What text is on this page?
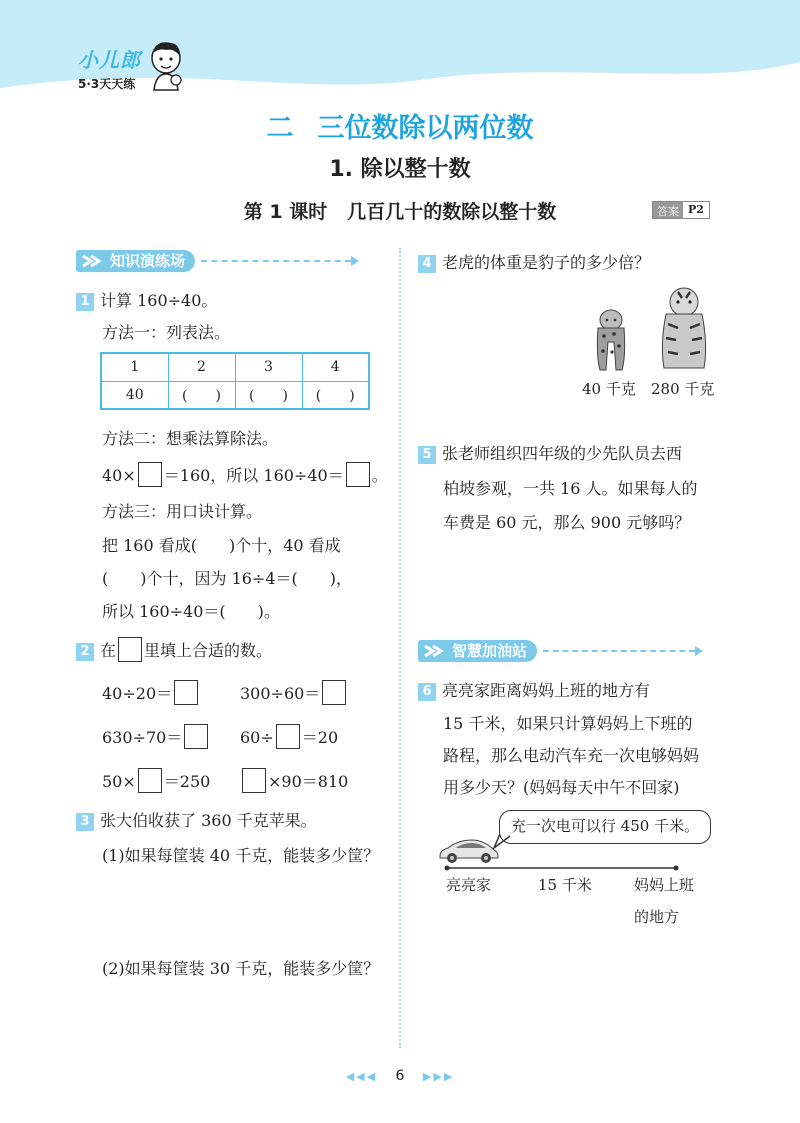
小儿郎
5·3天天练
二 三位数除以两位数
1. 除以整十数
第 1 课时 几百几十的数除以整十数	答案 P2
知识演练场
1 计算 160÷40。
方法一：列表法。
1	2	3	4
40	(　　)	(　　)	(　　)
方法二：想乘法算除法。
40× ＝160，所以 160÷40＝ 。
方法三：用口诀计算。
把 160 看成(　　)个十，40 看成
(　　)个十，因为 16÷4＝(　　)，
所以 160÷40＝(　　)。
2 在 里填上合适的数。
40÷20＝	300÷60＝
630÷70＝	60÷ ＝20
50× ＝250	×90＝810
3 张大伯收获了 360 千克苹果。
(1)如果每筐装 40 千克，能装多少筐？
(2)如果每筐装 30 千克，能装多少筐？
4 老虎的体重是豹子的多少倍？
40 千克 280 千克
5 张老师组织四年级的少先队员去西
柏坡参观，一共 16 人。如果每人的
车费是 60 元，那么 900 元够吗？
智慧加油站
6 亮亮家距离妈妈上班的地方有
15 千米，如果只计算妈妈上下班的
路程，那么电动汽车充一次电够妈妈
用多少天？(妈妈每天中午不回家)
充一次电可以行 450 千米。
亮亮家	15 千米	妈妈上班
的地方
◀◀◀ 6 ▶▶▶
